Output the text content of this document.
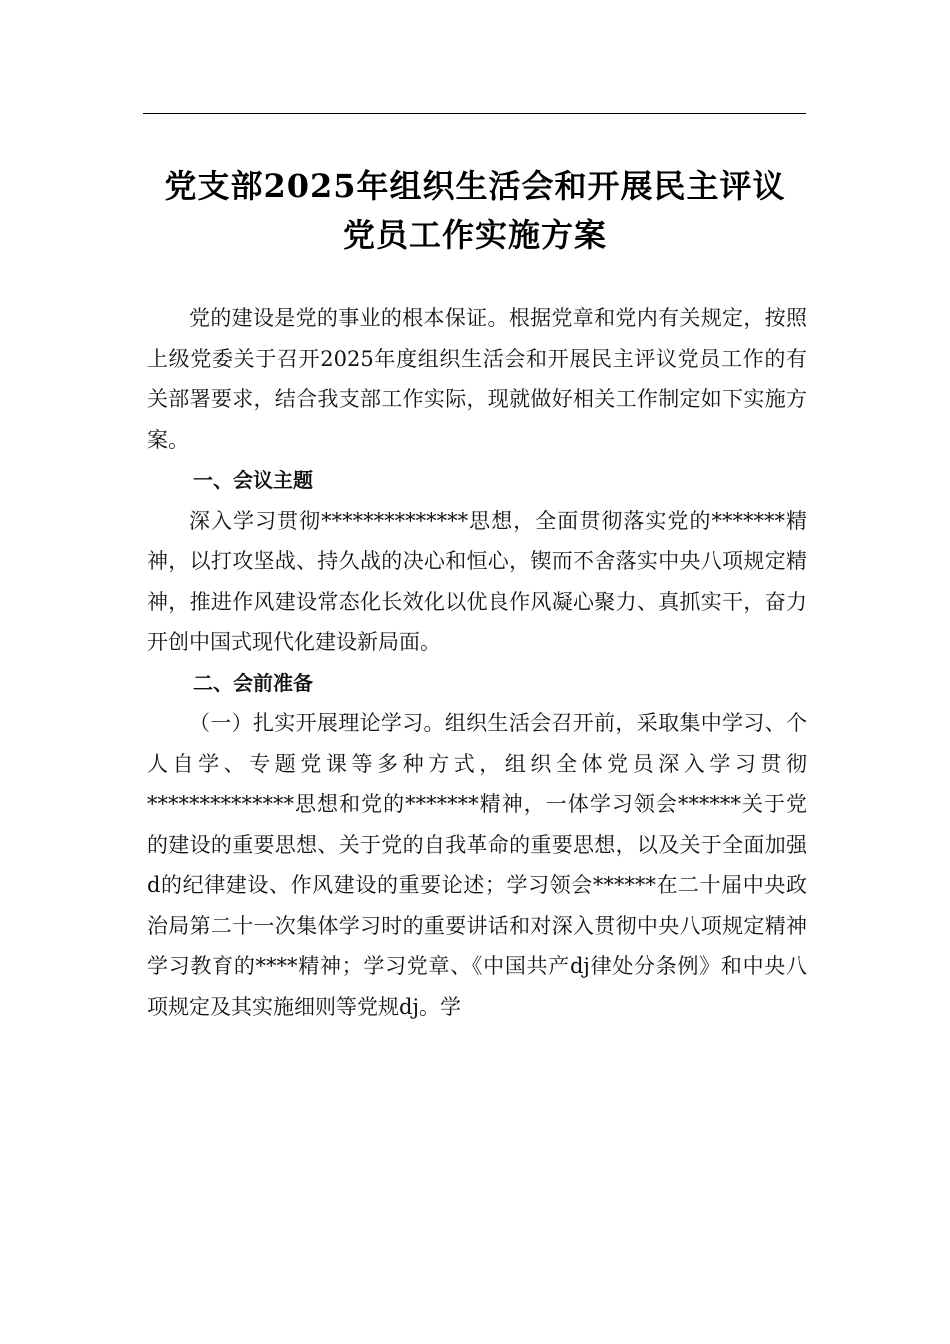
党支部2025年组织生活会和开展民主评议
党员工作实施方案

党的建设是党的事业的根本保证。根据党章和党内有关规定，按照上级党委关于召开2025年度组织生活会和开展民主评议党员工作的有关部署要求，结合我支部工作实际，现就做好相关工作制定如下实施方案。

一、会议主题

深入学习贯彻**************思想，全面贯彻落实党的*******精神，以打攻坚战、持久战的决心和恒心，锲而不舍落实中央八项规定精神，推进作风建设常态化长效化以优良作风凝心聚力、真抓实干，奋力开创中国式现代化建设新局面。

二、会前准备

（一）扎实开展理论学习。组织生活会召开前，采取集中学习、个人自学、专题党课等多种方式，组织全体党员深入学习贯彻**************思想和党的*******精神，一体学习领会******关于党的建设的重要思想、关于党的自我革命的重要思想，以及关于全面加强d的纪律建设、作风建设的重要论述；学习领会******在二十届中央政治局第二十一次集体学习时的重要讲话和对深入贯彻中央八项规定精神学习教育的****精神；学习党章、《中国共产dj律处分条例》和中央八项规定及其实施细则等党规dj。学
